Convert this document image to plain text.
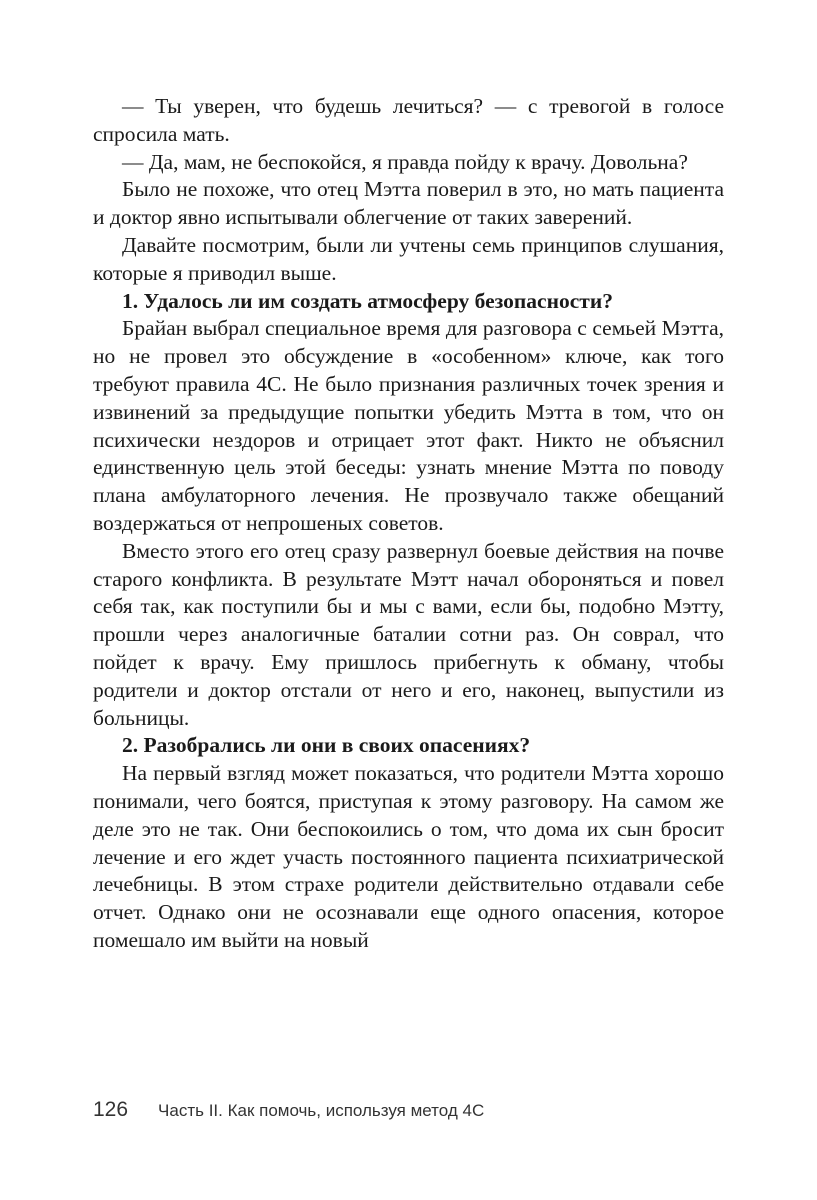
— Ты уверен, что будешь лечиться? — с тревогой в голосе спросила мать.

— Да, мам, не беспокойся, я правда пойду к врачу. Довольна?

Было не похоже, что отец Мэтта поверил в это, но мать пациента и доктор явно испытывали облегчение от таких заверений.

Давайте посмотрим, были ли учтены семь принципов слушания, которые я приводил выше.

1. Удалось ли им создать атмосферу безопасности?

Брайан выбрал специальное время для разговора с семьей Мэтта, но не провел это обсуждение в «особенном» ключе, как того требуют правила 4С. Не было признания различных точек зрения и извинений за предыдущие попытки убедить Мэтта в том, что он психически нездоров и отрицает этот факт. Никто не объяснил единственную цель этой беседы: узнать мнение Мэтта по поводу плана амбулаторного лечения. Не прозвучало также обещаний воздержаться от непрошеных советов.

Вместо этого его отец сразу развернул боевые действия на почве старого конфликта. В результате Мэтт начал обороняться и повел себя так, как поступили бы и мы с вами, если бы, подобно Мэтту, прошли через аналогичные баталии сотни раз. Он соврал, что пойдет к врачу. Ему пришлось прибегнуть к обману, чтобы родители и доктор отстали от него и его, наконец, выпустили из больницы.

2. Разобрались ли они в своих опасениях?

На первый взгляд может показаться, что родители Мэтта хорошо понимали, чего боятся, приступая к этому разговору. На самом же деле это не так. Они беспокоились о том, что дома их сын бросит лечение и его ждет участь постоянного пациента психиатрической лечебницы. В этом страхе родители действительно отдавали себе отчет. Однако они не осознавали еще одного опасения, которое помешало им выйти на новый

126 Часть II. Как помочь, используя метод 4С
